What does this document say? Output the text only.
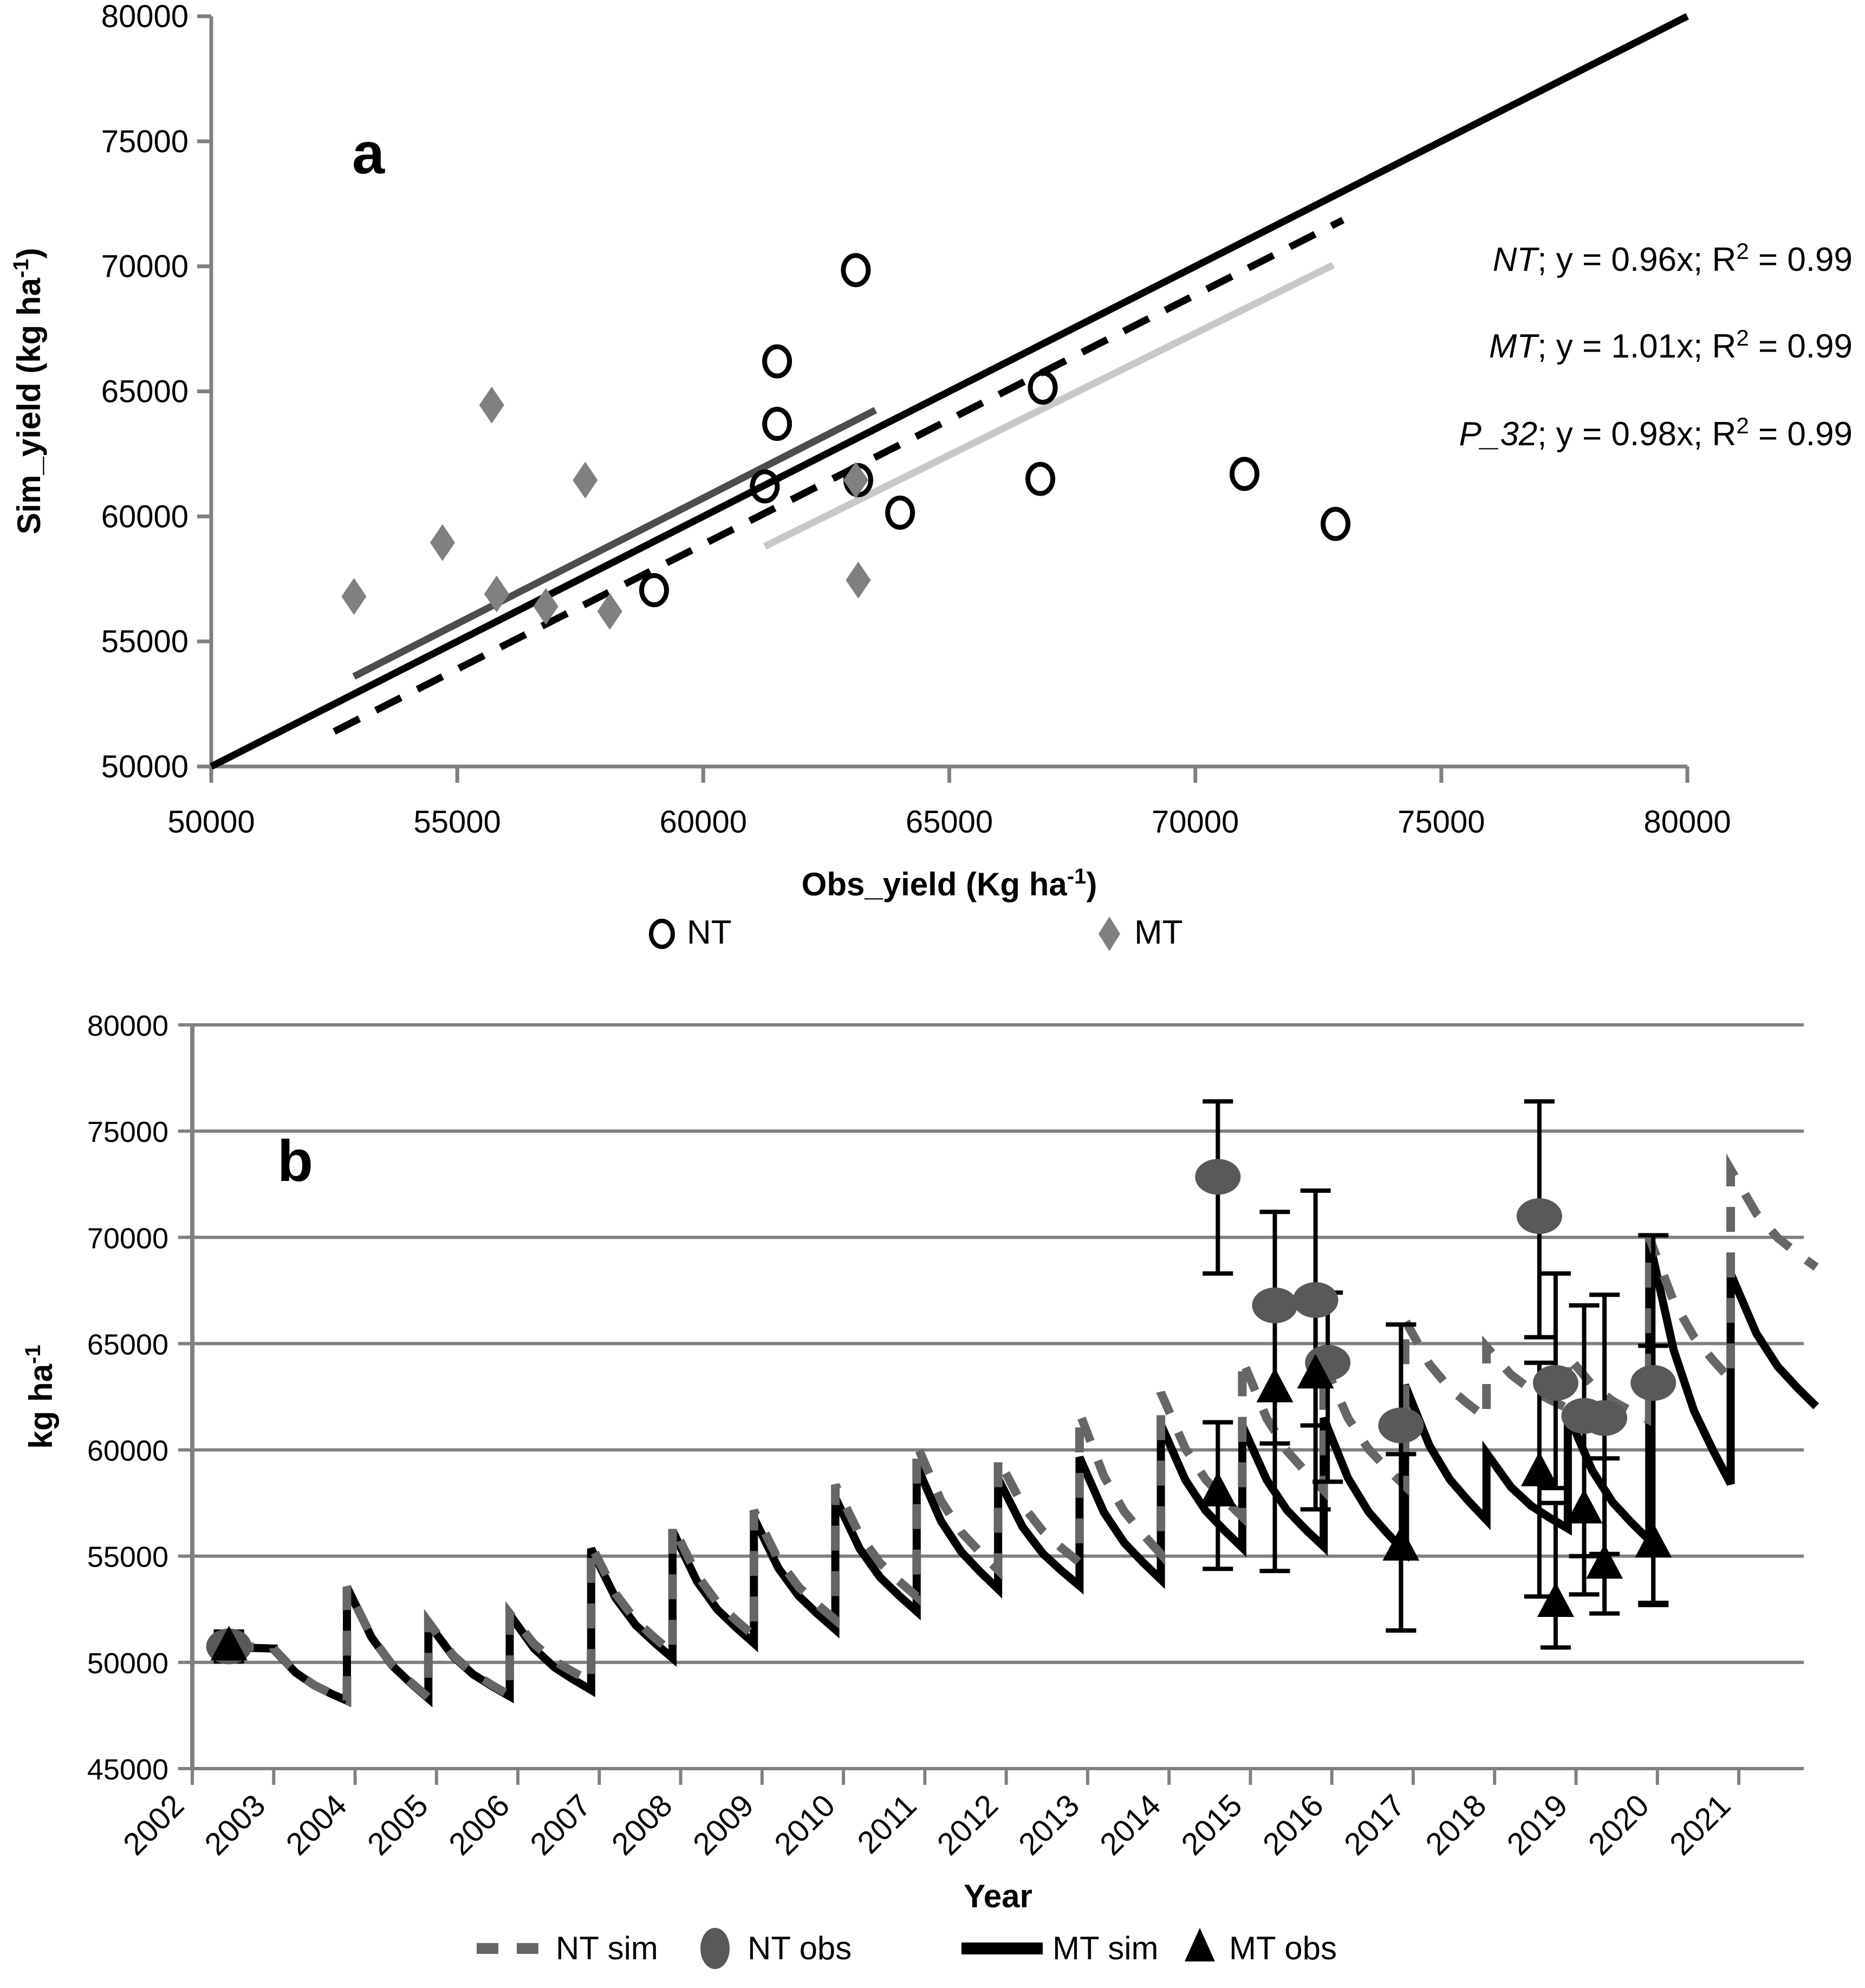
50000
55000
60000
65000
70000
75000
80000
50000	55000	60000	65000	70000	75000	80000
Sim_yield (kg $ha^{-1}$)
Obs_yield (Kg $ha^{-1}$)
a
NT; y = 0.96x; $R^2 = 0.99$
MT; y = 1.01x; $R^2 = 0.99$
P_32; y = 0.98x; $R^2 = 0.99$
NT	MT
45000
50000
55000
60000
65000
70000
75000
80000
2002 2003 2004 2005 2006 2007 2008 2009 2010 2011 2012 2013 2014 2015 2016 2017 2018 2019 2020 2021
kg $ha^{-1}$
Year
b
NT sim	NT obs	MT sim MT obs
